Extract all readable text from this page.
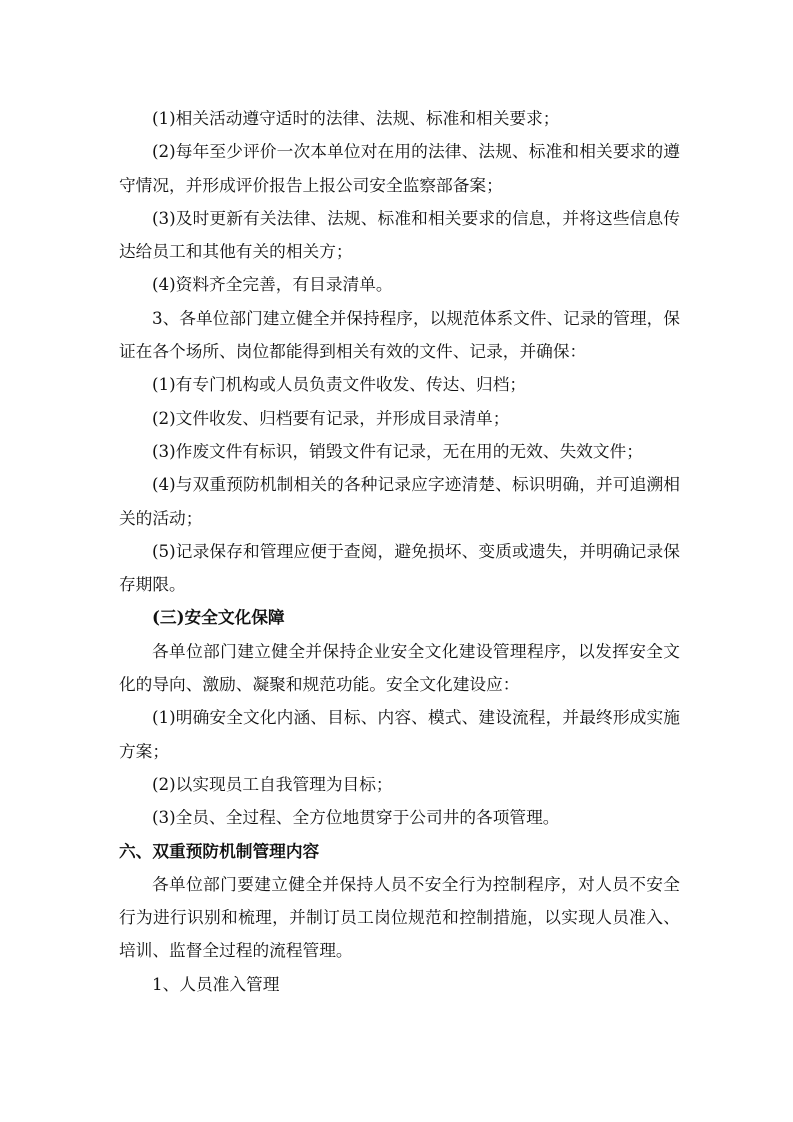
(1)相关活动遵守适时的法律、法规、标准和相关要求；
(2)每年至少评价一次本单位对在用的法律、法规、标准和相关要求的遵
守情况，并形成评价报告上报公司安全监察部备案；
(3)及时更新有关法律、法规、标准和相关要求的信息，并将这些信息传
达给员工和其他有关的相关方；
(4)资料齐全完善，有目录清单。
3、各单位部门建立健全并保持程序，以规范体系文件、记录的管理，保
证在各个场所、岗位都能得到相关有效的文件、记录，并确保：
(1)有专门机构或人员负责文件收发、传达、归档；
(2)文件收发、归档要有记录，并形成目录清单；
(3)作废文件有标识，销毁文件有记录，无在用的无效、失效文件；
(4)与双重预防机制相关的各种记录应字迹清楚、标识明确，并可追溯相
关的活动；
(5)记录保存和管理应便于查阅，避免损坏、变质或遗失，并明确记录保
存期限。
(三)安全文化保障
各单位部门建立健全并保持企业安全文化建设管理程序，以发挥安全文
化的导向、激励、凝聚和规范功能。安全文化建设应：
(1)明确安全文化内涵、目标、内容、模式、建设流程，并最终形成实施
方案；
(2)以实现员工自我管理为目标；
(3)全员、全过程、全方位地贯穿于公司井的各项管理。
六、双重预防机制管理内容
各单位部门要建立健全并保持人员不安全行为控制程序，对人员不安全
行为进行识别和梳理，并制订员工岗位规范和控制措施，以实现人员准入、
培训、监督全过程的流程管理。
1、人员准入管理
